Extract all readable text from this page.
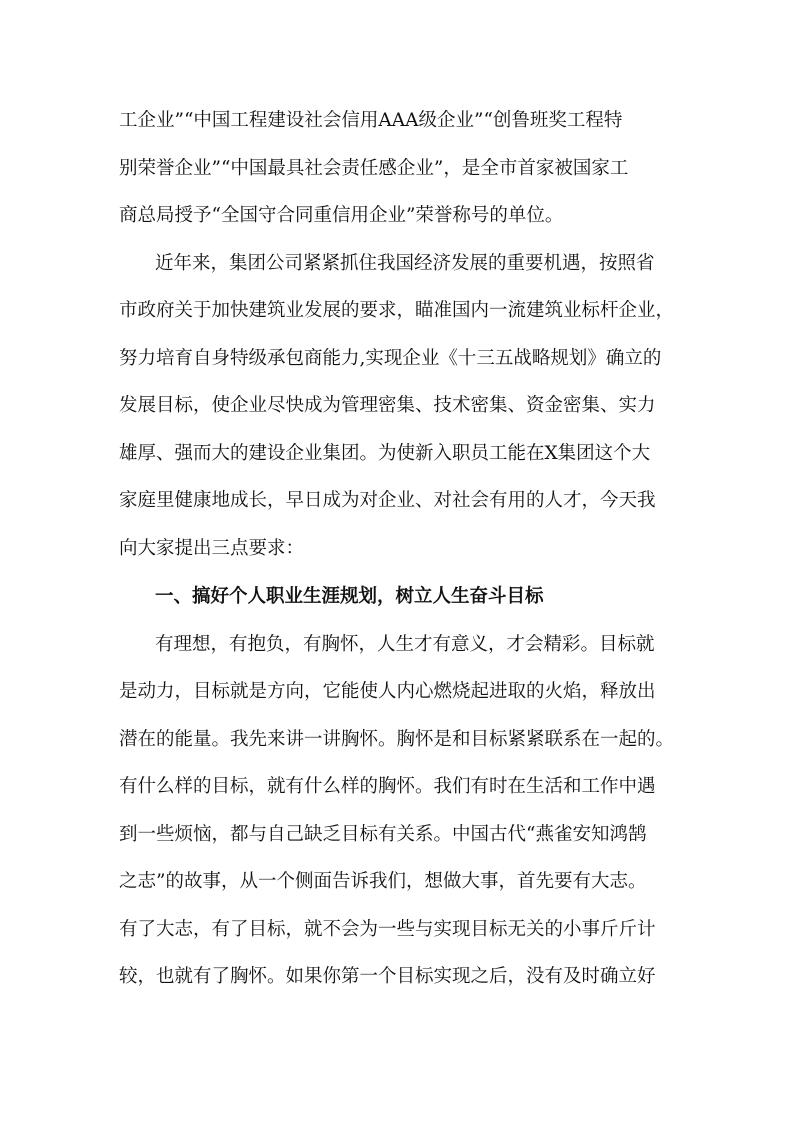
工企业”“中国工程建设社会信用AAA级企业”“创鲁班奖工程特
别荣誉企业”“中国最具社会责任感企业”，是全市首家被国家工
商总局授予“全国守合同重信用企业”荣誉称号的单位。
近年来，集团公司紧紧抓住我国经济发展的重要机遇，按照省
市政府关于加快建筑业发展的要求，瞄准国内一流建筑业标杆企业，
努力培育自身特级承包商能力,实现企业《十三五战略规划》确立的
发展目标，使企业尽快成为管理密集、技术密集、资金密集、实力
雄厚、强而大的建设企业集团。为使新入职员工能在X集团这个大
家庭里健康地成长，早日成为对企业、对社会有用的人才，今天我
向大家提出三点要求：
一、搞好个人职业生涯规划，树立人生奋斗目标
有理想，有抱负，有胸怀，人生才有意义，才会精彩。目标就
是动力，目标就是方向，它能使人内心燃烧起进取的火焰，释放出
潜在的能量。我先来讲一讲胸怀。胸怀是和目标紧紧联系在一起的。
有什么样的目标，就有什么样的胸怀。我们有时在生活和工作中遇
到一些烦恼，都与自己缺乏目标有关系。中国古代“燕雀安知鸿鹄
之志”的故事，从一个侧面告诉我们，想做大事，首先要有大志。
有了大志，有了目标，就不会为一些与实现目标无关的小事斤斤计
较，也就有了胸怀。如果你第一个目标实现之后，没有及时确立好
